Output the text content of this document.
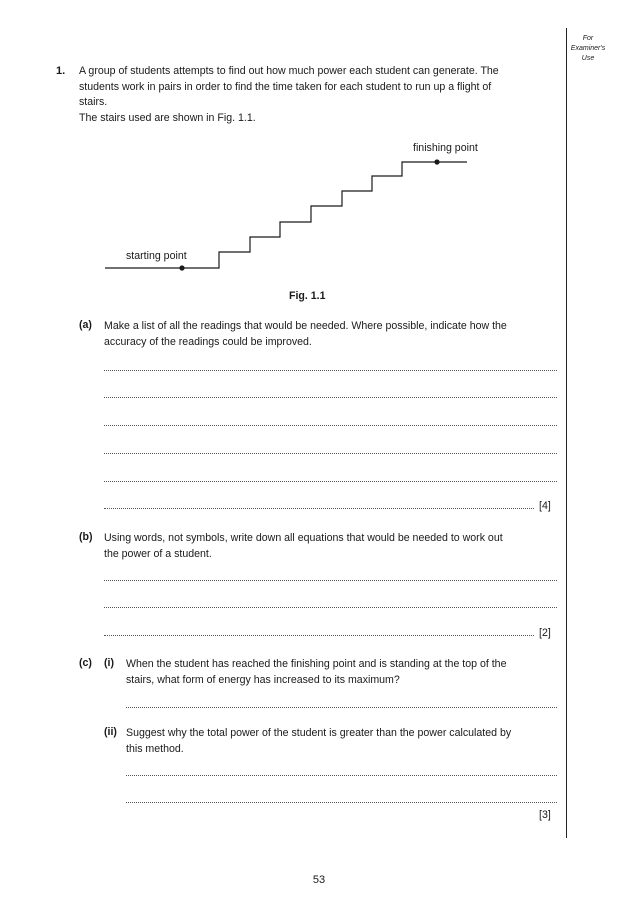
For
Examiner's
Use
1. A group of students attempts to find out how much power each student can generate. The
students work in pairs in order to find the time taken for each student to run up a flight of
stairs.
The stairs used are shown in Fig. 1.1.
finishing point
starting point
Fig. 1.1
(a) Make a list of all the readings that would be needed. Where possible, indicate how the
accuracy of the readings could be improved.
[4]
(b) Using words, not symbols, write down all equations that would be needed to work out
the power of a student.
[2]
(c) (i) When the student has reached the finishing point and is standing at the top of the
stairs, what form of energy has increased to its maximum?
(ii) Suggest why the total power of the student is greater than the power calculated by
this method.
[3]
53
